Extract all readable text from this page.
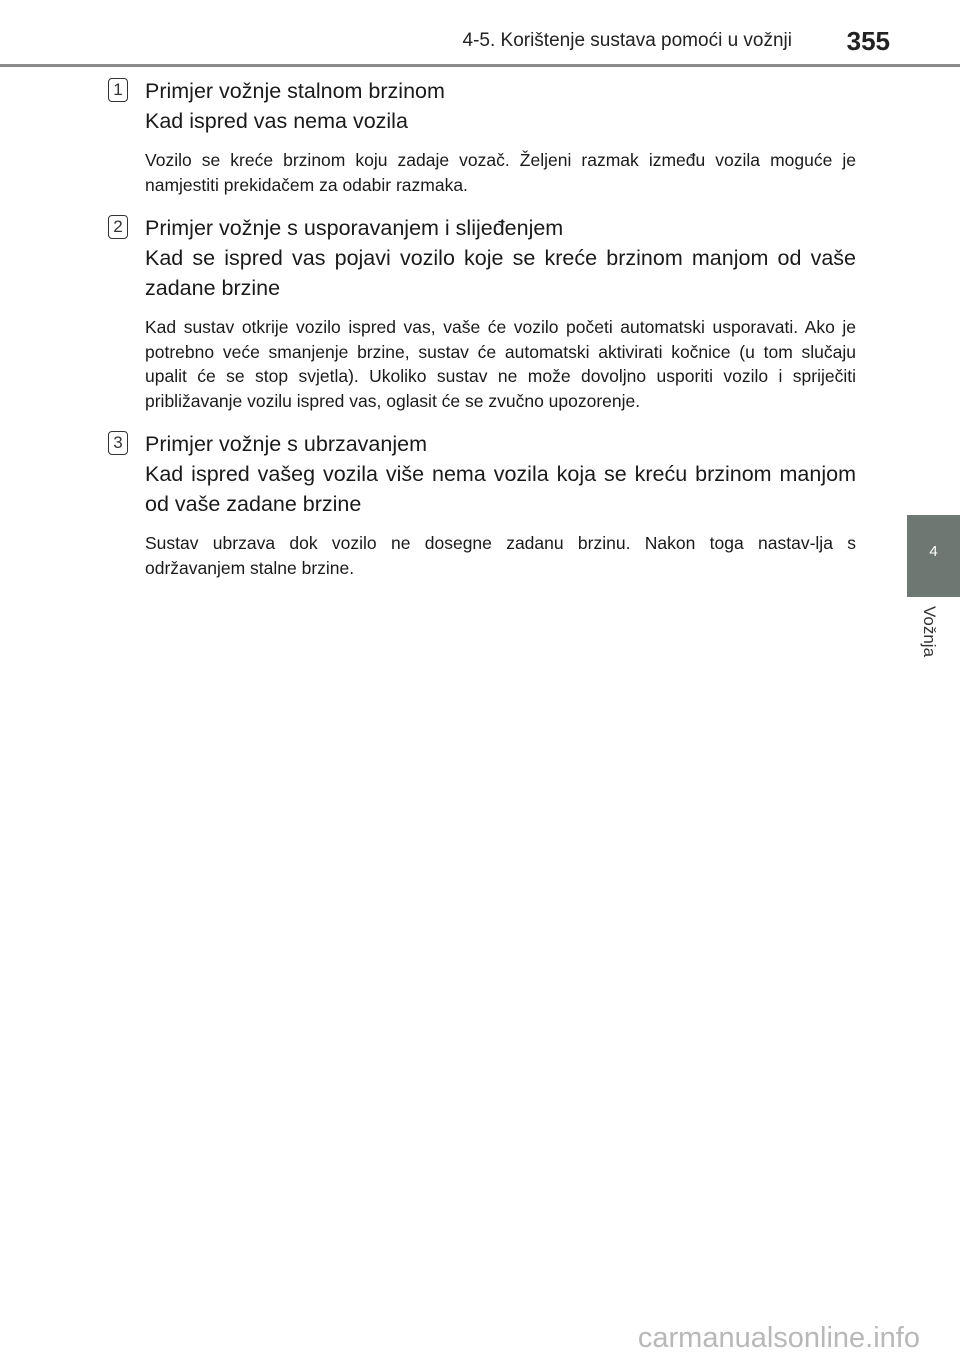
4-5. Korištenje sustava pomoći u vožnji 355
4
Vožnja
1 Primjer vožnje stalnom brzinom
Kad ispred vas nema vozila
Vozilo se kreće brzinom koju zadaje vozač. Željeni razmak između vozila moguće je namjestiti prekidačem za odabir razmaka.
2 Primjer vožnje s usporavanjem i slijeđenjem
Kad se ispred vas pojavi vozilo koje se kreće brzinom manjom od vaše zadane brzine
Kad sustav otkrije vozilo ispred vas, vaše će vozilo početi automatski usporavati. Ako je potrebno veće smanjenje brzine, sustav će automatski aktivirati kočnice (u tom slučaju upalit će se stop svjetla). Ukoliko sustav ne može dovoljno usporiti vozilo i spriječiti približavanje vozilu ispred vas, oglasit će se zvučno upozorenje.
3 Primjer vožnje s ubrzavanjem
Kad ispred vašeg vozila više nema vozila koja se kreću brzinom manjom od vaše zadane brzine
Sustav ubrzava dok vozilo ne dosegne zadanu brzinu. Nakon toga nastav-lja s održavanjem stalne brzine.
carmanualsonline.info
